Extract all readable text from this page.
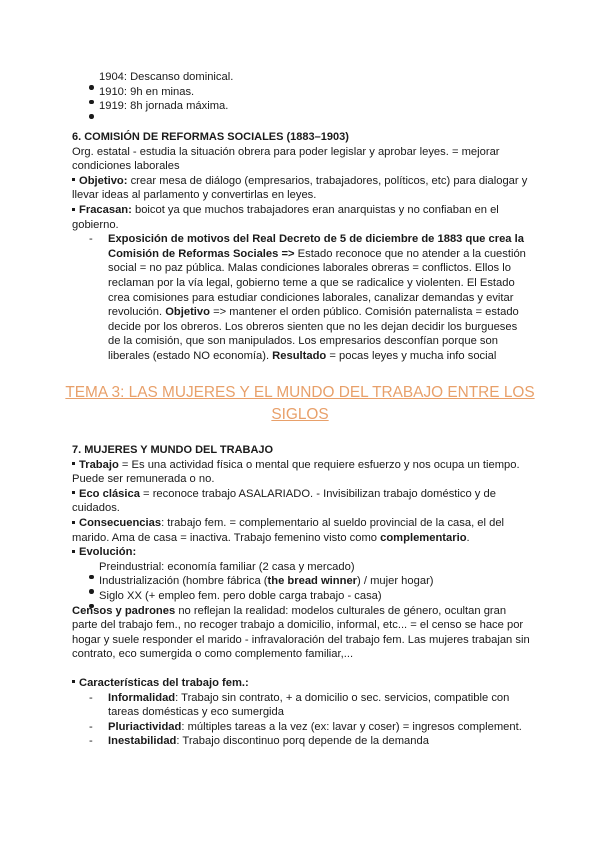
1904: Descanso dominical.
1910: 9h en minas.
1919: 8h jornada máxima.
6. COMISIÓN DE REFORMAS SOCIALES (1883–1903)
Org. estatal - estudia la situación obrera para poder legislar y aprobar leyes. = mejorar condiciones laborales
Objetivo: crear mesa de diálogo (empresarios, trabajadores, políticos, etc) para dialogar y llevar ideas al parlamento y convertirlas en leyes.
Fracasan: boicot ya que muchos trabajadores eran anarquistas y no confiaban en el gobierno.
- Exposición de motivos del Real Decreto de 5 de diciembre de 1883 que crea la Comisión de Reformas Sociales => Estado reconoce que no atender a la cuestión social = no paz pública. Malas condiciones laborales obreras = conflictos. Ellos lo reclaman por la vía legal, gobierno teme a que se radicalice y violenten. El Estado crea comisiones para estudiar condiciones laborales, canalizar demandas y evitar revolución. Objetivo => mantener el orden público. Comisión paternalista = estado decide por los obreros. Los obreros sienten que no les dejan decidir los burgueses de la comisión, que son manipulados. Los empresarios desconfían porque son liberales (estado NO economía). Resultado = pocas leyes y mucha info social
TEMA 3: LAS MUJERES Y EL MUNDO DEL TRABAJO ENTRE LOS SIGLOS
7. MUJERES Y MUNDO DEL TRABAJO
Trabajo = Es una actividad física o mental que requiere esfuerzo y nos ocupa un tiempo. Puede ser remunerada o no.
Eco clásica = reconoce trabajo ASALARIADO. - Invisibilizan trabajo doméstico y de cuidados.
Consecuencias: trabajo fem. = complementario al sueldo provincial de la casa, el del marido. Ama de casa = inactiva. Trabajo femenino visto como complementario.
Evolución:
Preindustrial: economía familiar (2 casa y mercado)
Industrialización (hombre fábrica (the bread winner) / mujer hogar)
Siglo XX (+ empleo fem. pero doble carga trabajo - casa)
Censos y padrones no reflejan la realidad: modelos culturales de género, ocultan gran parte del trabajo fem., no recoger trabajo a domicilio, informal, etc... = el censo se hace por hogar y suele responder el marido - infravaloración del trabajo fem. Las mujeres trabajan sin contrato, eco sumergida o como complemento familiar,...
Características del trabajo fem.:
- Informalidad: Trabajo sin contrato, + a domicilio o sec. servicios, compatible con tareas domésticas y eco sumergida
- Pluriactividad: múltiples tareas a la vez (ex: lavar y coser) = ingresos complement.
- Inestabilidad: Trabajo discontinuo porq depende de la demanda
